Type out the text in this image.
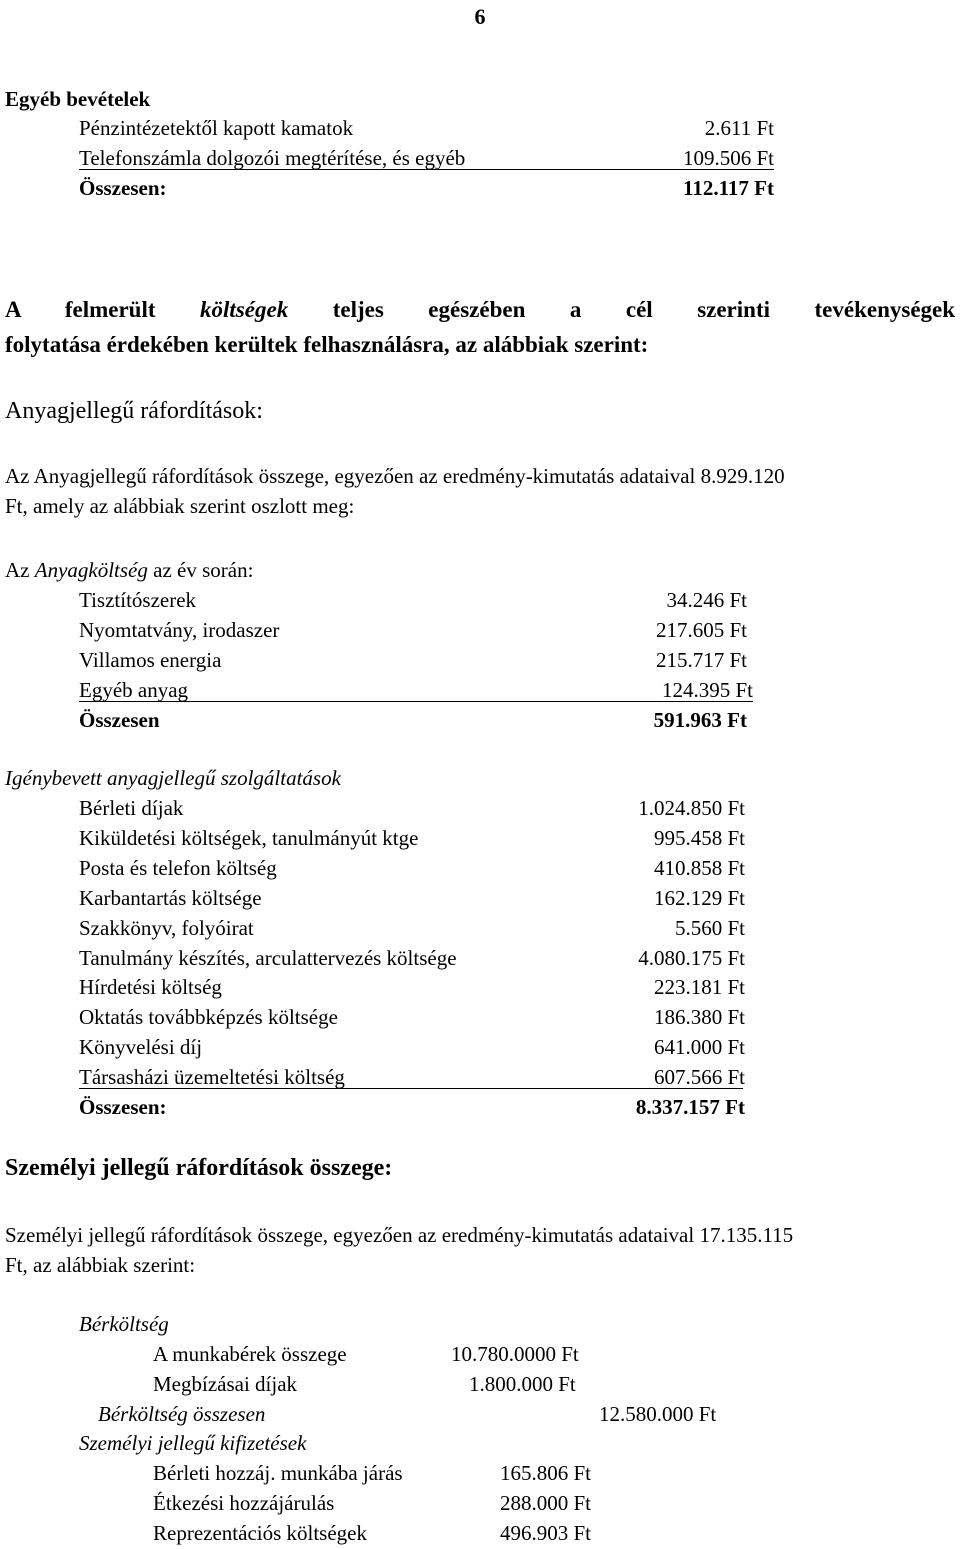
6
Egyéb bevételek
Pénzintézetektől kapott kamatok	2.611 Ft
Telefonszámla dolgozói megtérítése, és egyéb	109.506 Ft
Összesen:	112.117 Ft
A felmerült költségek teljes egészében a cél szerinti tevékenységek
folytatása érdekében kerültek felhasználásra, az alábbiak szerint:
Anyagjellegű ráfordítások:
Az Anyagjellegű ráfordítások összege, egyezően az eredmény-kimutatás adataival 8.929.120
Ft, amely az alábbiak szerint oszlott meg:
Az Anyagköltség az év során:
Tisztítószerek	34.246 Ft
Nyomtatvány, irodaszer	217.605 Ft
Villamos energia	215.717 Ft
Egyéb anyag	124.395 Ft
Összesen	591.963 Ft
Igénybevett anyagjellegű szolgáltatások
Bérleti díjak	1.024.850 Ft
Kiküldetési költségek, tanulmányút ktge	995.458 Ft
Posta és telefon költség	410.858 Ft
Karbantartás költsége	162.129 Ft
Szakkönyv, folyóirat	5.560 Ft
Tanulmány készítés, arculattervezés költsége	4.080.175 Ft
Hírdetési költség	223.181 Ft
Oktatás továbbképzés költsége	186.380 Ft
Könyvelési díj	641.000 Ft
Társasházi üzemeltetési költség	607.566 Ft
Összesen:	8.337.157 Ft
Személyi jellegű ráfordítások összege:
Személyi jellegű ráfordítások összege, egyezően az eredmény-kimutatás adataival 17.135.115
Ft, az alábbiak szerint:
Bérköltség
A munkabérek összege	10.780.0000 Ft
Megbízásai díjak	1.800.000 Ft
Bérköltség összesen	12.580.000 Ft
Személyi jellegű kifizetések
Bérleti hozzáj. munkába járás	165.806 Ft
Étkezési hozzájárulás	288.000 Ft
Reprezentációs költségek	496.903 Ft
